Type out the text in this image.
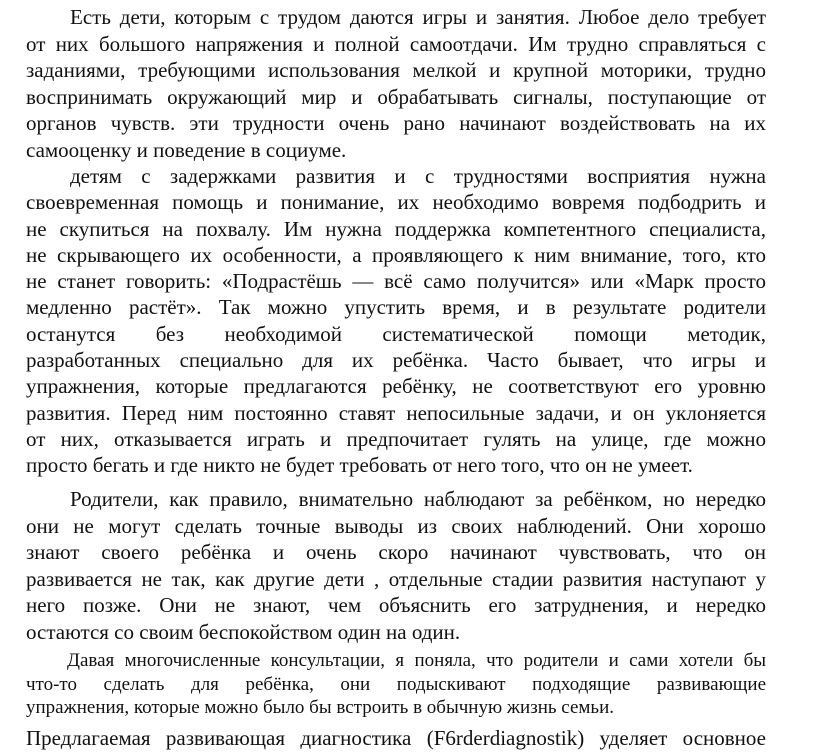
Есть дети, которым с трудом даются игры и занятия. Любое дело требует
от них большого напряжения и полной самоотдачи. Им трудно справляться с
заданиями, требующими использования мелкой и крупной моторики, трудно
воспринимать окружающий мир и обрабатывать сигналы, поступающие от
органов чувств. эти трудности очень рано начинают воздействовать на их
самооценку и поведение в социуме.
детям с задержками развития и с трудностями восприятия нужна
своевременная помощь и понимание, их необходимо вовремя подбодрить и
не скупиться на похвалу. Им нужна поддержка компетентного специалиста,
не скрывающего их особенности, а проявляющего к ним внимание, того, кто
не станет говорить: «Подрастёшь — всё само получится» или «Марк просто
медленно растёт». Так можно упустить время, и в результате родители
останутся без необходимой систематической помощи методик,
разработанных специально для их ребёнка. Часто бывает, что игры и
упражнения, которые предлагаются ребёнку, не соответствуют его уровню
развития. Перед ним постоянно ставят непосильные задачи, и он уклоняется
от них, отказывается играть и предпочитает гулять на улице, где можно
просто бегать и где никто не будет требовать от него того, что он не умеет.
Родители, как правило, внимательно наблюдают за ребёнком, но нередко
они не могут сделать точные выводы из своих наблюдений. Они хорошо
знают своего ребёнка и очень скоро начинают чувствовать, что он
развивается не так, как другие дети , отдельные стадии развития наступают у
него позже. Они не знают, чем объяснить его затруднения, и нередко
остаются со своим беспокойством один на один.
Давая многочисленные консультации, я поняла, что родители и сами хотели бы
что-то сделать для ребёнка, они подыскивают подходящие развивающие
упражнения, которые можно было бы встроить в обычную жизнь семьи.
Предлагаемая развивающая диагностика (F6rderdiagnostik) уделяет основное
